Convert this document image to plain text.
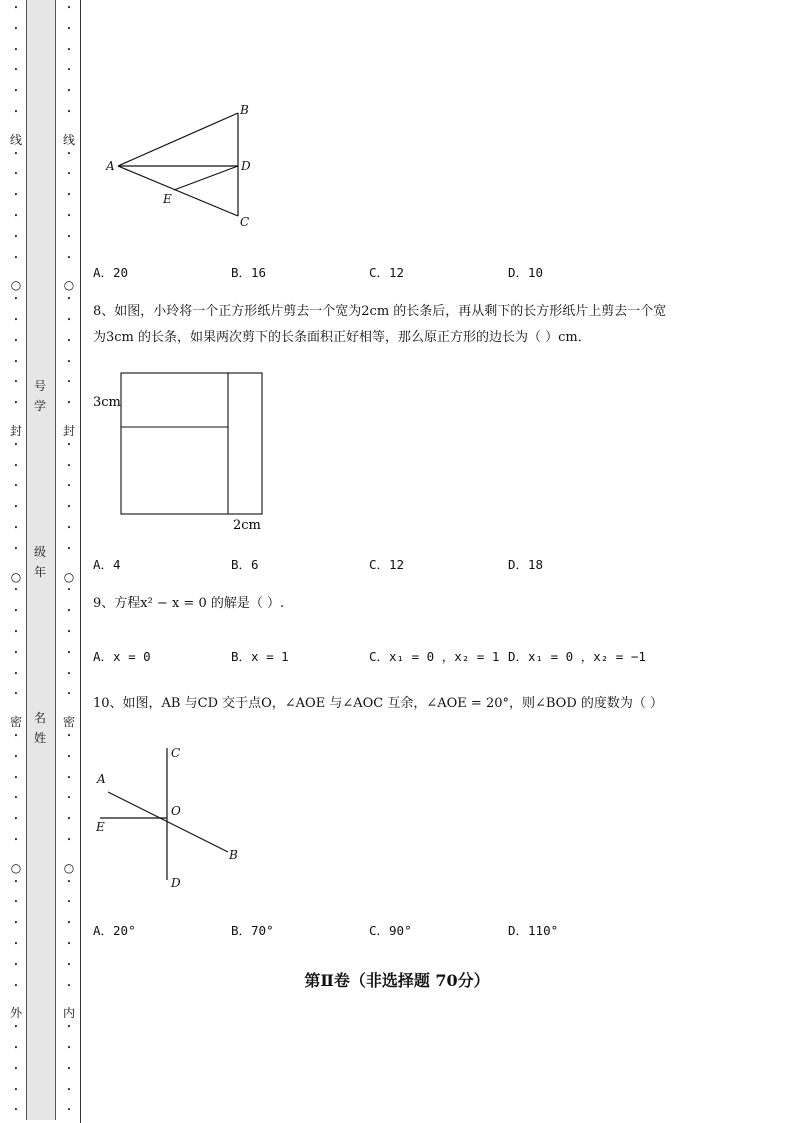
号
学
级
年
名
姓
A
B
D
E
C
A．20	B．16	C．12	D．10
8、如图，小玲将一个正方形纸片剪去一个宽为2cm 的长条后，再从剩下的长方形纸片上剪去一个宽
为3cm 的长条，如果两次剪下的长条面积正好相等，那么原正方形的边长为（ ）cm．
3cm
2cm
A．4	B．6	C．12	D．18
9、方程x² − x = 0 的解是（ ）.
A．x = 0	B．x = 1	C．x₁ = 0 ，x₂ = 1 D．x₁ = 0 ，x₂ = −1
10、如图，AB 与CD 交于点O，∠AOE 与∠AOC 互余，∠AOE = 20°，则∠BOD 的度数为（ ）
C
A
O
E
B
D
A．20°	B．70°	C．90°	D．110°
第Ⅱ卷（非选择题 70分）
线
○
封
○
密
○
外
•
•
•
•
•
•
•
•
•
•
•
•
•
•
•
•
•
•
•
•
•
•
•
•
•
•
•
•
•
•
•
•
•
•
•
•
•
•
•
•
•
•
•
•
•
•
•
线
○
封
○
密
○
内
•
•
•
•
•
•
•
•
•
•
•
•
•
•
•
•
•
•
•
•
•
•
•
•
•
•
•
•
•
•
•
•
•
•
•
•
•
•
•
•
•
•
•
•
•
•
•
